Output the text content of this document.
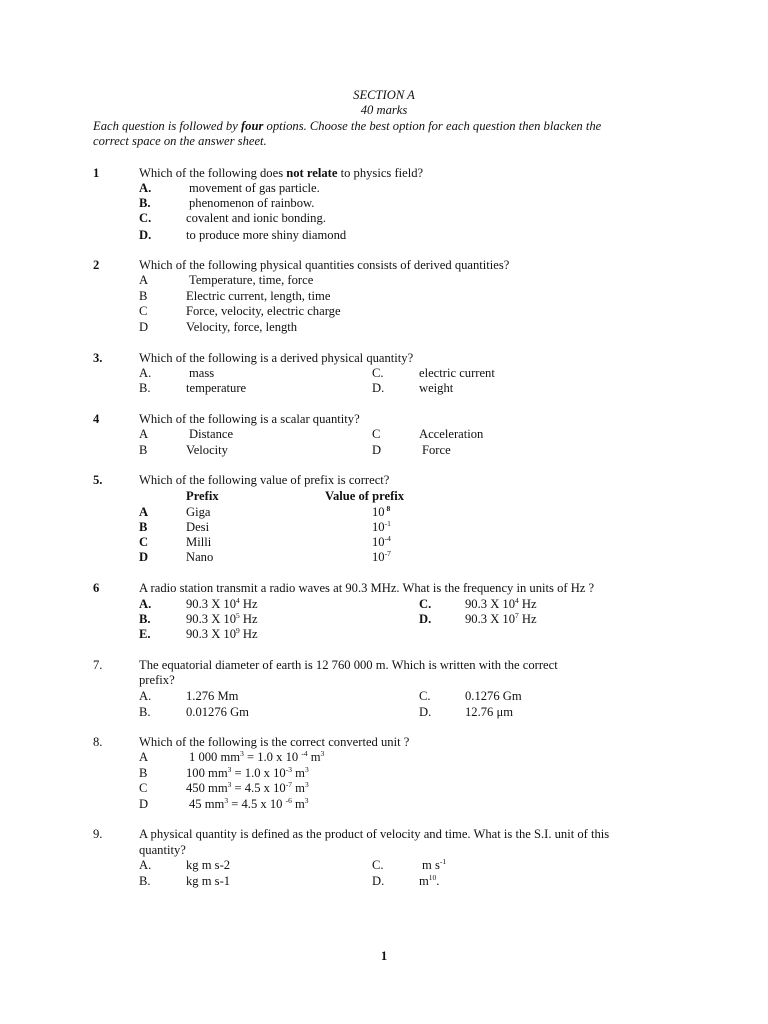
SECTION A
40 marks
Each question is followed by four options. Choose the best option for each question then blacken the
correct space on the answer sheet.
1	Which of the following does not relate to physics field?
A.	movement of gas particle.
B.	phenomenon of rainbow.
C.	covalent and ionic bonding.
D.	to produce more shiny diamond
2	Which of the following physical quantities consists of derived quantities?
A	Temperature, time, force
B	Electric current, length, time
C	Force, velocity, electric charge
D	Velocity, force, length
3.	Which of the following is a derived physical quantity?
A.	mass
B.	temperature
C.	electric current
D.	weight
4	Which of the following is a scalar quantity?
A	Distance
B	Velocity
C	Acceleration
D	Force
5.	Which of the following value of prefix is correct?
Prefix	Value of prefix
A	Giga	10 $^8$
B	Desi	$10^{-1}$
C	Milli	$10^{-4}$
D	Nano	$10^{-7}$
6	A radio station transmit a radio waves at 90.3 MHz. What is the frequency in units of Hz ?
A.	90.3 X $10^4$ Hz
B.	90.3 X $10^5$ Hz
E.	90.3 X $10^9$ Hz
C.	90.3 X $10^4$ Hz
D.	90.3 X $10^7$ Hz
7.	The equatorial diameter of earth is 12 760 000 m. Which is written with the correct
prefix?
A.	1.276 Mm
B.	0.01276 Gm
C.	0.1276 Gm
D.	12.76 μm
8.	Which of the following is the correct converted unit ?
A	1 000 $mm^3 = 1.0$ x 10 $^{-4}$ $m^3$
B	100 $mm^3 = 1.0$ x $10^{-3}$ $m^3$
C	450 $mm^3 = 4.5$ x $10^{-7}$ $m^3$
D	45 $mm^3 = 4.5$ x 10 $^{-6}$ $m^3$
9.	A physical quantity is defined as the product of velocity and time. What is the S.I. unit of this
quantity?
A.	kg m s-2
B.	kg m s-1
C.	m $s^{-1}$
D.	$m^{10}$.
1
